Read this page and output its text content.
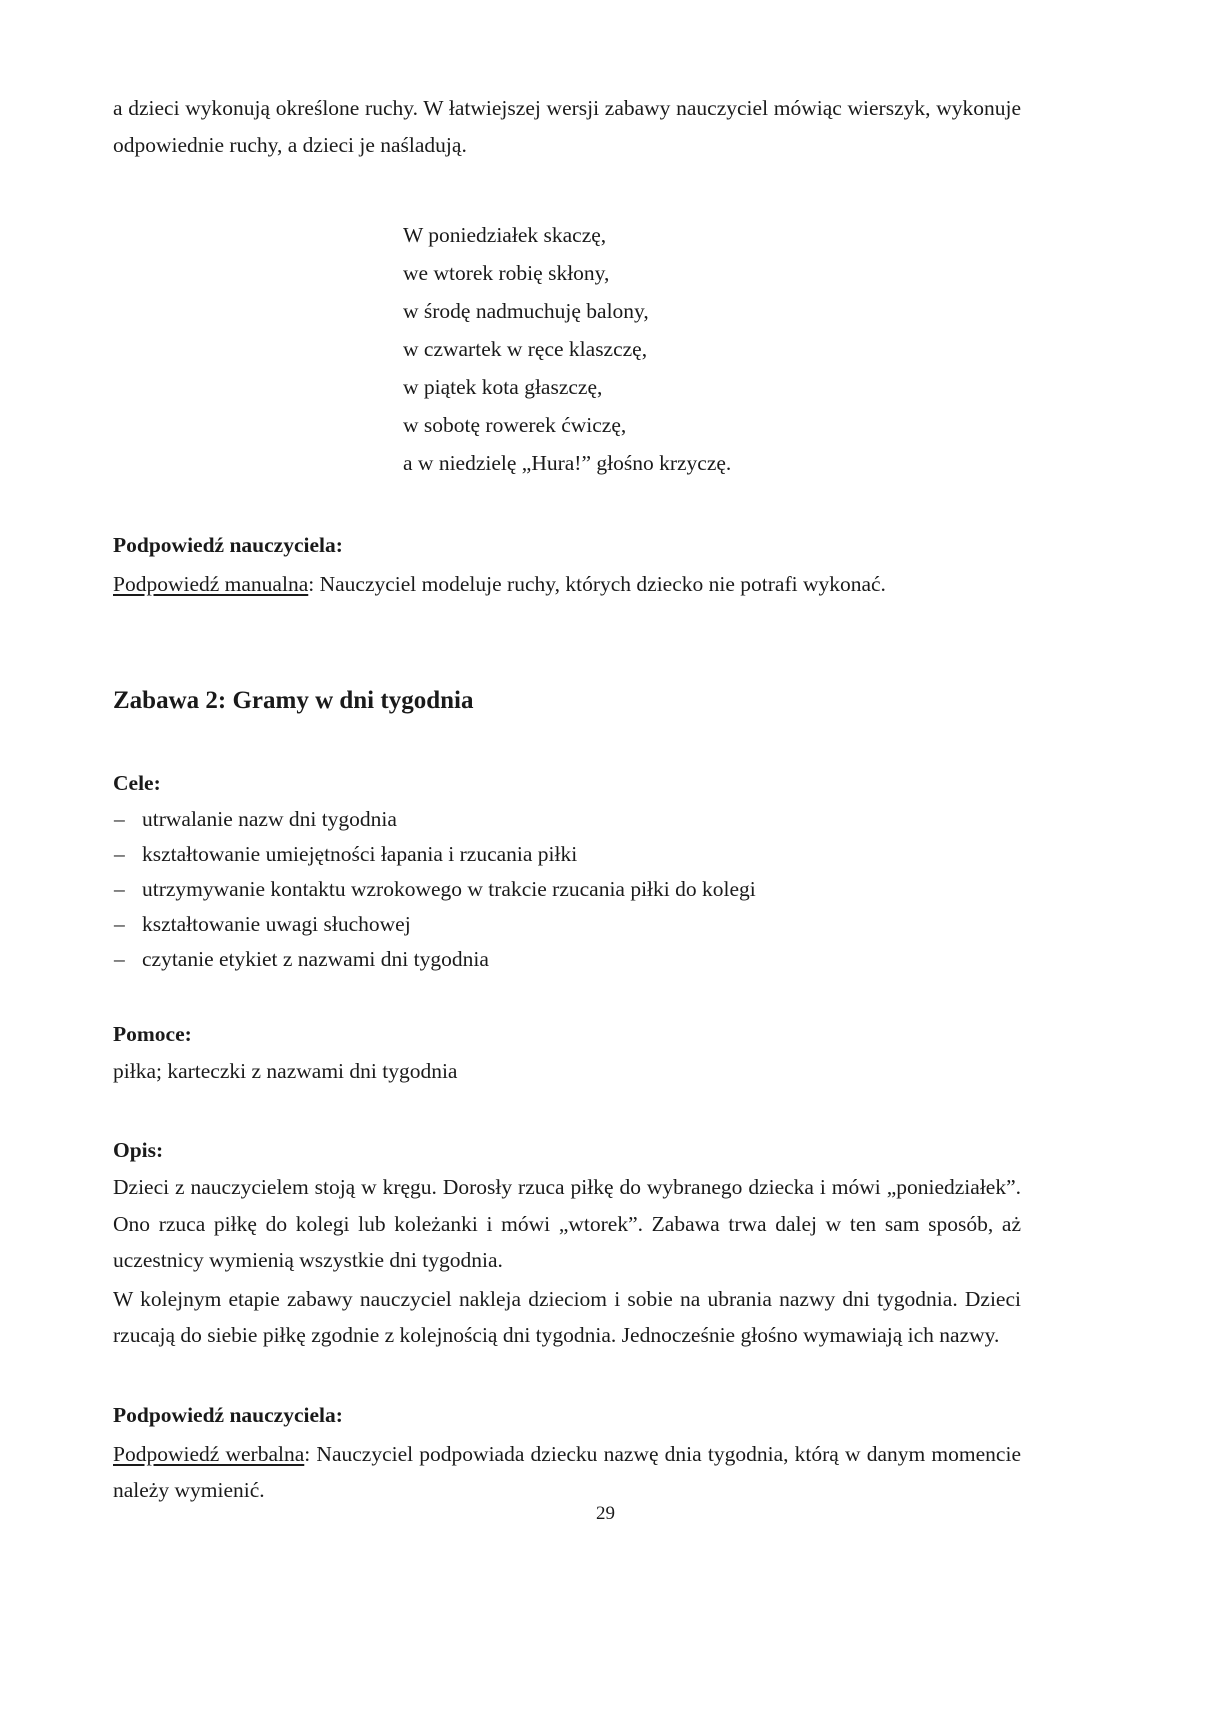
a dzieci wykonują określone ruchy. W łatwiejszej wersji zabawy nauczyciel mówiąc wierszyk, wykonuje odpowiednie ruchy, a dzieci je naśladują.

W poniedziałek skaczę,
we wtorek robię skłony,
w środę nadmuchuję balony,
w czwartek w ręce klaszczę,
w piątek kota głaszczę,
w sobotę rowerek ćwiczę,
a w niedzielę „Hura!” głośno krzyczę.
Podpowiedź nauczyciela:
Podpowiedź manualna: Nauczyciel modeluje ruchy, których dziecko nie potrafi wykonać.
Zabawa 2: Gramy w dni tygodnia
Cele:
– utrwalanie nazw dni tygodnia
– kształtowanie umiejętności łapania i rzucania piłki
– utrzymywanie kontaktu wzrokowego w trakcie rzucania piłki do kolegi
– kształtowanie uwagi słuchowej
– czytanie etykiet z nazwami dni tygodnia
Pomoce:
piłka; karteczki z nazwami dni tygodnia
Opis:

Dzieci z nauczycielem stoją w kręgu. Dorosły rzuca piłkę do wybranego dziecka i mówi „poniedziałek”. Ono rzuca piłkę do kolegi lub koleżanki i mówi „wtorek”. Zabawa trwa dalej w ten sam sposób, aż uczestnicy wymienią wszystkie dni tygodnia.

W kolejnym etapie zabawy nauczyciel nakleja dzieciom i sobie na ubrania nazwy dni tygodnia. Dzieci rzucają do siebie piłkę zgodnie z kolejnością dni tygodnia. Jednocześnie głośno wymawiają ich nazwy.

Podpowiedź nauczyciela:
Podpowiedź werbalna: Nauczyciel podpowiada dziecku nazwę dnia tygodnia, którą w danym momencie należy wymienić.
29
